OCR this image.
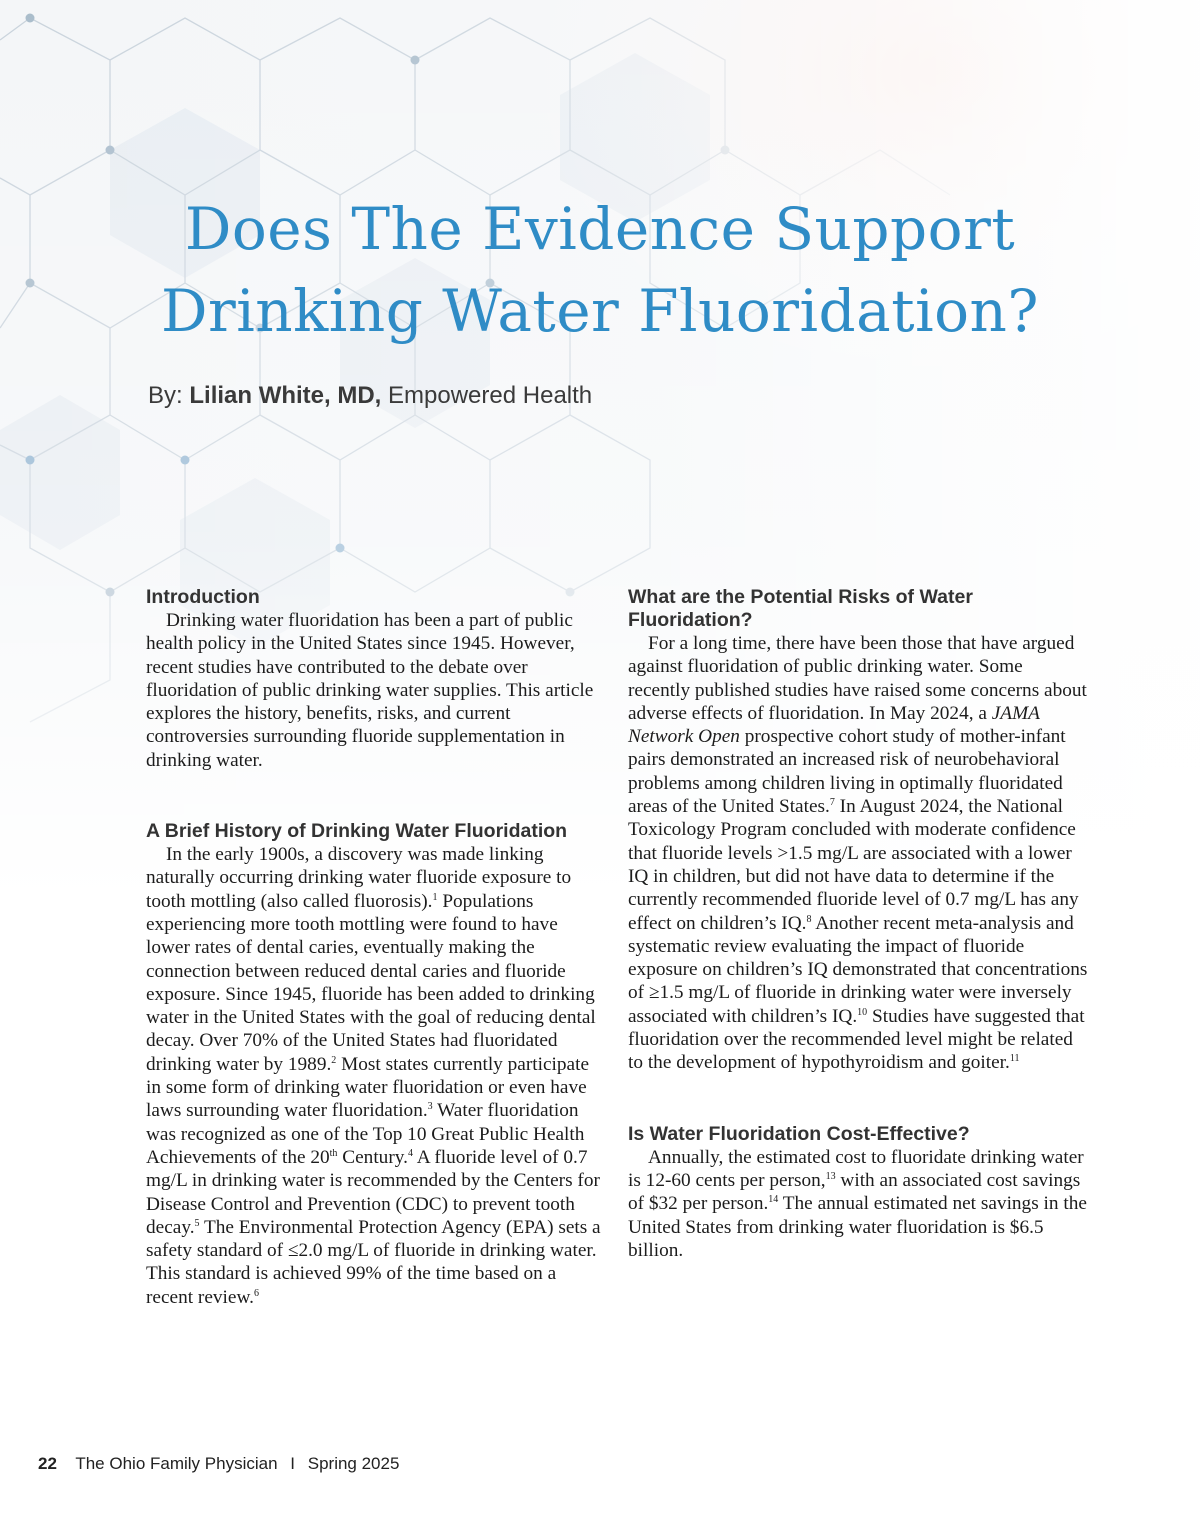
Does The Evidence Support
Drinking Water Fluoridation?
By: Lilian White, MD, Empowered Health
Introduction

Drinking water fluoridation has been a part of public health policy in the United States since 1945. However, recent studies have contributed to the debate over fluoridation of public drinking water supplies. This article explores the history, benefits, risks, and current controversies surrounding fluoride supplementation in drinking water.

A Brief History of Drinking Water Fluoridation

In the early 1900s, a discovery was made linking naturally occurring drinking water fluoride exposure to tooth mottling (also called fluorosis).$^1$ Populations experiencing more tooth mottling were found to have lower rates of dental caries, eventually making the connection between reduced dental caries and fluoride exposure. Since 1945, fluoride has been added to drinking water in the United States with the goal of reducing dental decay. Over 70% of the United States had fluoridated drinking water by 1989.$^2$ Most states currently participate in some form of drinking water fluoridation or even have laws surrounding water fluoridation.$^3$ Water fluoridation was recognized as one of the Top 10 Great Public Health Achievements of the 20th Century.$^4$ A fluoride level of 0.7 mg/L in drinking water is recommended by the Centers for Disease Control and Prevention (CDC) to prevent tooth decay.$^5$ The Environmental Protection Agency (EPA) sets a safety standard of ≤2.0 mg/L of fluoride in drinking water. This standard is achieved 99% of the time based on a recent review.$^6$

What are the Potential Risks of Water Fluoridation?

For a long time, there have been those that have argued against fluoridation of public drinking water. Some recently published studies have raised some concerns about adverse effects of fluoridation. In May 2024, a JAMA Network Open prospective cohort study of mother-infant pairs demonstrated an increased risk of neurobehavioral problems among children living in optimally fluoridated areas of the United States.$^7$ In August 2024, the National Toxicology Program concluded with moderate confidence that fluoride levels >1.5 mg/L are associated with a lower IQ in children, but did not have data to determine if the currently recommended fluoride level of 0.7 mg/L has any effect on children’s IQ.$^8$ Another recent meta-analysis and systematic review evaluating the impact of fluoride exposure on children’s IQ demonstrated that concentrations of ≥1.5 mg/L of fluoride in drinking water were inversely associated with children’s IQ.$^{10}$ Studies have suggested that fluoridation over the recommended level might be related to the development of hypothyroidism and goiter.$^{11}$

Is Water Fluoridation Cost-Effective?

Annually, the estimated cost to fluoridate drinking water is 12-60 cents per person,$^{13}$ with an associated cost savings of $32 per person.$^{14}$ The annual estimated net savings in the United States from drinking water fluoridation is $6.5 billion.

22 The Ohio Family Physician I Spring 2025
